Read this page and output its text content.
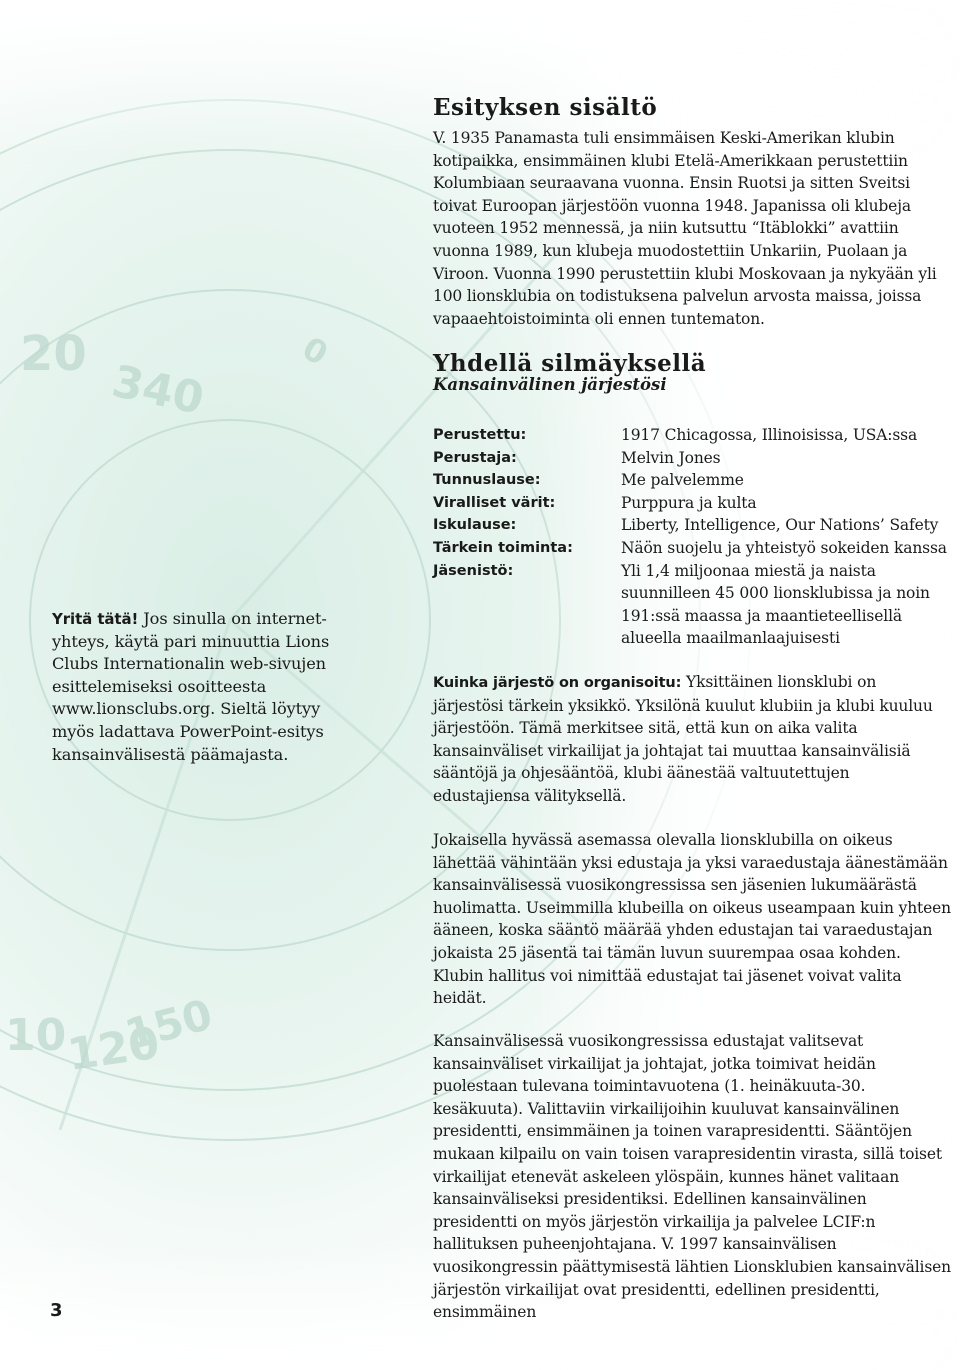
Esityksen sisältö

V. 1935 Panamasta tuli ensimmäisen Keski-Amerikan klubin kotipaikka, ensimmäinen klubi Etelä-Amerikkaan perustettiin Kolumbiaan seuraavana vuonna. Ensin Ruotsi ja sitten Sveitsi toivat Euroopan järjestöön vuonna 1948. Japanissa oli klubeja vuoteen 1952 mennessä, ja niin kutsuttu “Itäblokki” avattiin vuonna 1989, kun klubeja muodostettiin Unkariin, Puolaan ja Viroon. Vuonna 1990 perustettiin klubi Moskovaan ja nykyään yli 100 lionsklubia on todistuksena palvelun arvosta maissa, joissa vapaaehtoistoiminta oli ennen tuntematon.

Yhdellä silmäyksellä

Kansainvälinen järjestösi

Perustettu:	1917 Chicagossa, Illinoisissa, USA:ssa
Perustaja:	Melvin Jones
Tunnuslause:	Me palvelemme
Viralliset värit:	Purppura ja kulta
Iskulause:	Liberty, Intelligence, Our Nations’ Safety
Tärkein toiminta:	Näön suojelu ja yhteistyö sokeiden kanssa
Jäsenistö:	Yli 1,4 miljoonaa miestä ja naista suunnilleen 45 000 lionsklubissa ja noin 191:ssä maassa ja maantieteellisellä alueella maailmanlaajuisesti

Kuinka järjestö on organisoitu: Yksittäinen lionsklubi on järjestösi tärkein yksikkö. Yksilönä kuulut klubiin ja klubi kuuluu järjestöön. Tämä merkitsee sitä, että kun on aika valita kansainväliset virkailijat ja johtajat tai muuttaa kansainvälisiä sääntöjä ja ohjesääntöä, klubi äänestää valtuutettujen edustajiensa välityksellä.

Jokaisella hyvässä asemassa olevalla lionsklubilla on oikeus lähettää vähintään yksi edustaja ja yksi varaedustaja äänestämään kansainvälisessä vuosikongressissa sen jäsenien lukumäärästä huolimatta. Useimmilla klubeilla on oikeus useampaan kuin yhteen ääneen, koska sääntö määrää yhden edustajan tai varaedustajan jokaista 25 jäsentä tai tämän luvun suurempaa osaa kohden. Klubin hallitus voi nimittää edustajat tai jäsenet voivat valita heidät.

Kansainvälisessä vuosikongressissa edustajat valitsevat kansainväliset virkailijat ja johtajat, jotka toimivat heidän puolestaan tulevana toimintavuotena (1. heinäkuuta-30. kesäkuuta). Valittaviin virkailijoihin kuuluvat kansainvälinen presidentti, ensimmäinen ja toinen varapresidentti. Sääntöjen mukaan kilpailu on vain toisen varapresidentin virasta, sillä toiset virkailijat etenevät askeleen ylöspäin, kunnes hänet valitaan kansainväliseksi presidentiksi. Edellinen kansainvälinen presidentti on myös järjestön virkailija ja palvelee LCIF:n hallituksen puheenjohtajana. V. 1997 kansainvälisen vuosikongressin päättymisestä lähtien Lionsklubien kansainvälisen järjestön virkailijat ovat presidentti, edellinen presidentti, ensimmäinen

Yritä tätä! Jos sinulla on internet-yhteys, käytä pari minuuttia Lions Clubs Internationalin web-sivujen esittelemiseksi osoitteesta www.lionsclubs.org. Sieltä löytyy myös ladattava PowerPoint-esitys kansainvälisestä päämajasta.

3
